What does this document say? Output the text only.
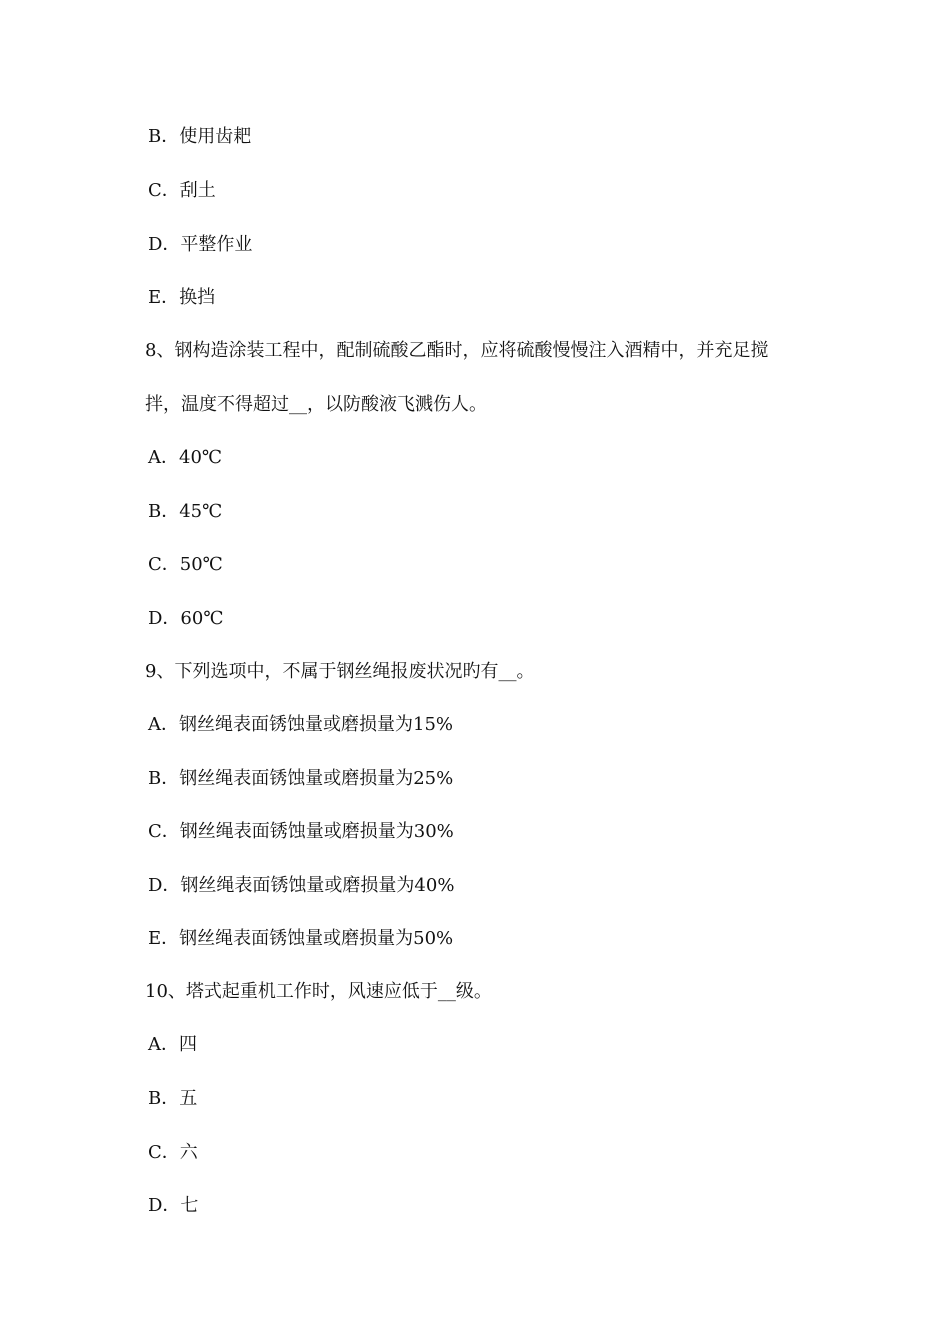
B．使用齿耙
C．刮土
D．平整作业
E．换挡
8、钢构造涂装工程中，配制硫酸乙酯时，应将硫酸慢慢注入酒精中，并充足搅
拌，温度不得超过__，以防酸液飞溅伤人。
A．40℃
B．45℃
C．50℃
D．60℃
9、下列选项中，不属于钢丝绳报废状况旳有__。
A．钢丝绳表面锈蚀量或磨损量为15%
B．钢丝绳表面锈蚀量或磨损量为25%
C．钢丝绳表面锈蚀量或磨损量为30%
D．钢丝绳表面锈蚀量或磨损量为40%
E．钢丝绳表面锈蚀量或磨损量为50%
10、塔式起重机工作时，风速应低于__级。
A．四
B．五
C．六
D．七
